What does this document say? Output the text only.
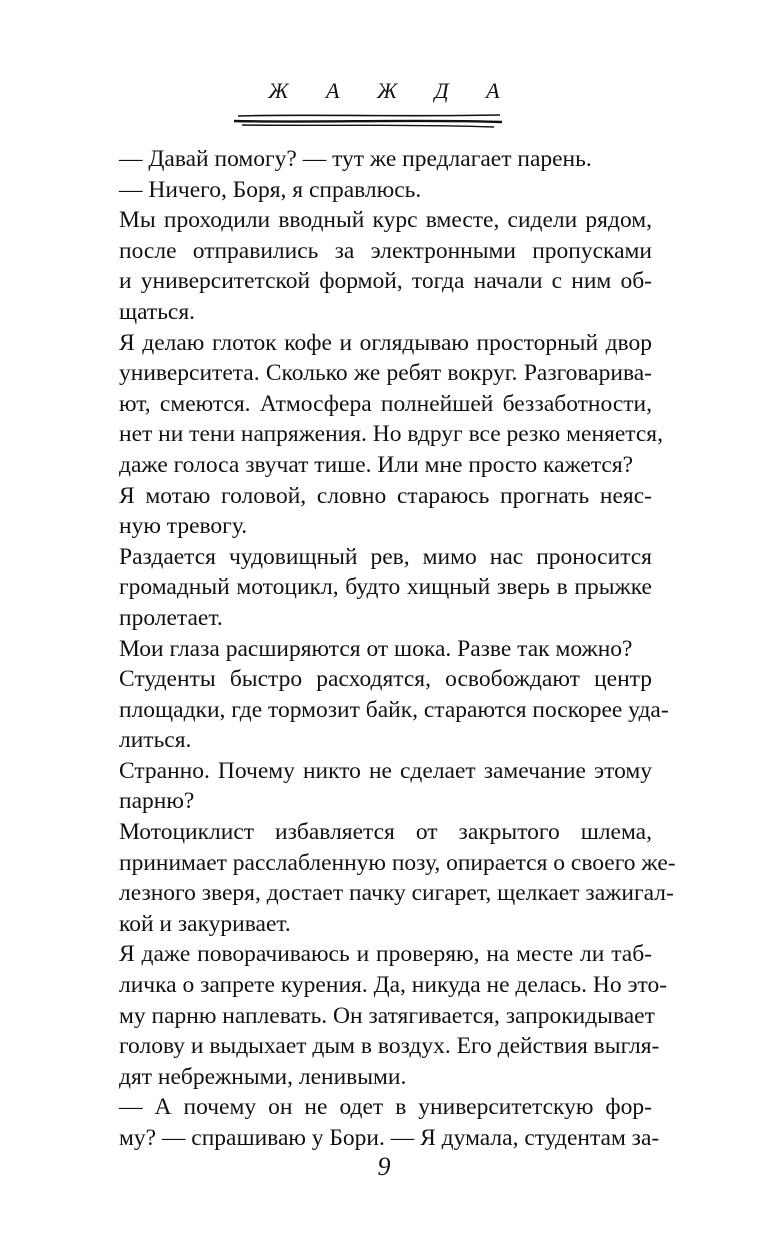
Ж А Ж Д А
— Давай помогу? — тут же предлагает парень.
— Ничего, Боря, я справлюсь.
Мы проходили вводный курс вместе, сидели рядом,
после отправились за электронными пропусками
и университетской формой, тогда начали с ним об-
щаться.
Я делаю глоток кофе и оглядываю просторный двор
университета. Сколько же ребят вокруг. Разговарива-
ют, смеются. Атмосфера полнейшей беззаботности,
нет ни тени напряжения. Но вдруг все резко меняется,
даже голоса звучат тише. Или мне просто кажется?
Я мотаю головой, словно стараюсь прогнать неяс-
ную тревогу.
Раздается чудовищный рев, мимо нас проносится
громадный мотоцикл, будто хищный зверь в прыжке
пролетает.
Мои глаза расширяются от шока. Разве так можно?
Студенты быстро расходятся, освобождают центр
площадки, где тормозит байк, стараются поскорее уда-
литься.
Странно. Почему никто не сделает замечание этому
парню?
Мотоциклист избавляется от закрытого шлема,
принимает расслабленную позу, опирается о своего же-
лезного зверя, достает пачку сигарет, щелкает зажигал-
кой и закуривает.
Я даже поворачиваюсь и проверяю, на месте ли таб-
личка о запрете курения. Да, никуда не делась. Но это-
му парню наплевать. Он затягивается, запрокидывает
голову и выдыхает дым в воздух. Его действия выгля-
дят небрежными, ленивыми.
— А почему он не одет в университетскую фор-
му? — спрашиваю у Бори. — Я думала, студентам за-
9
